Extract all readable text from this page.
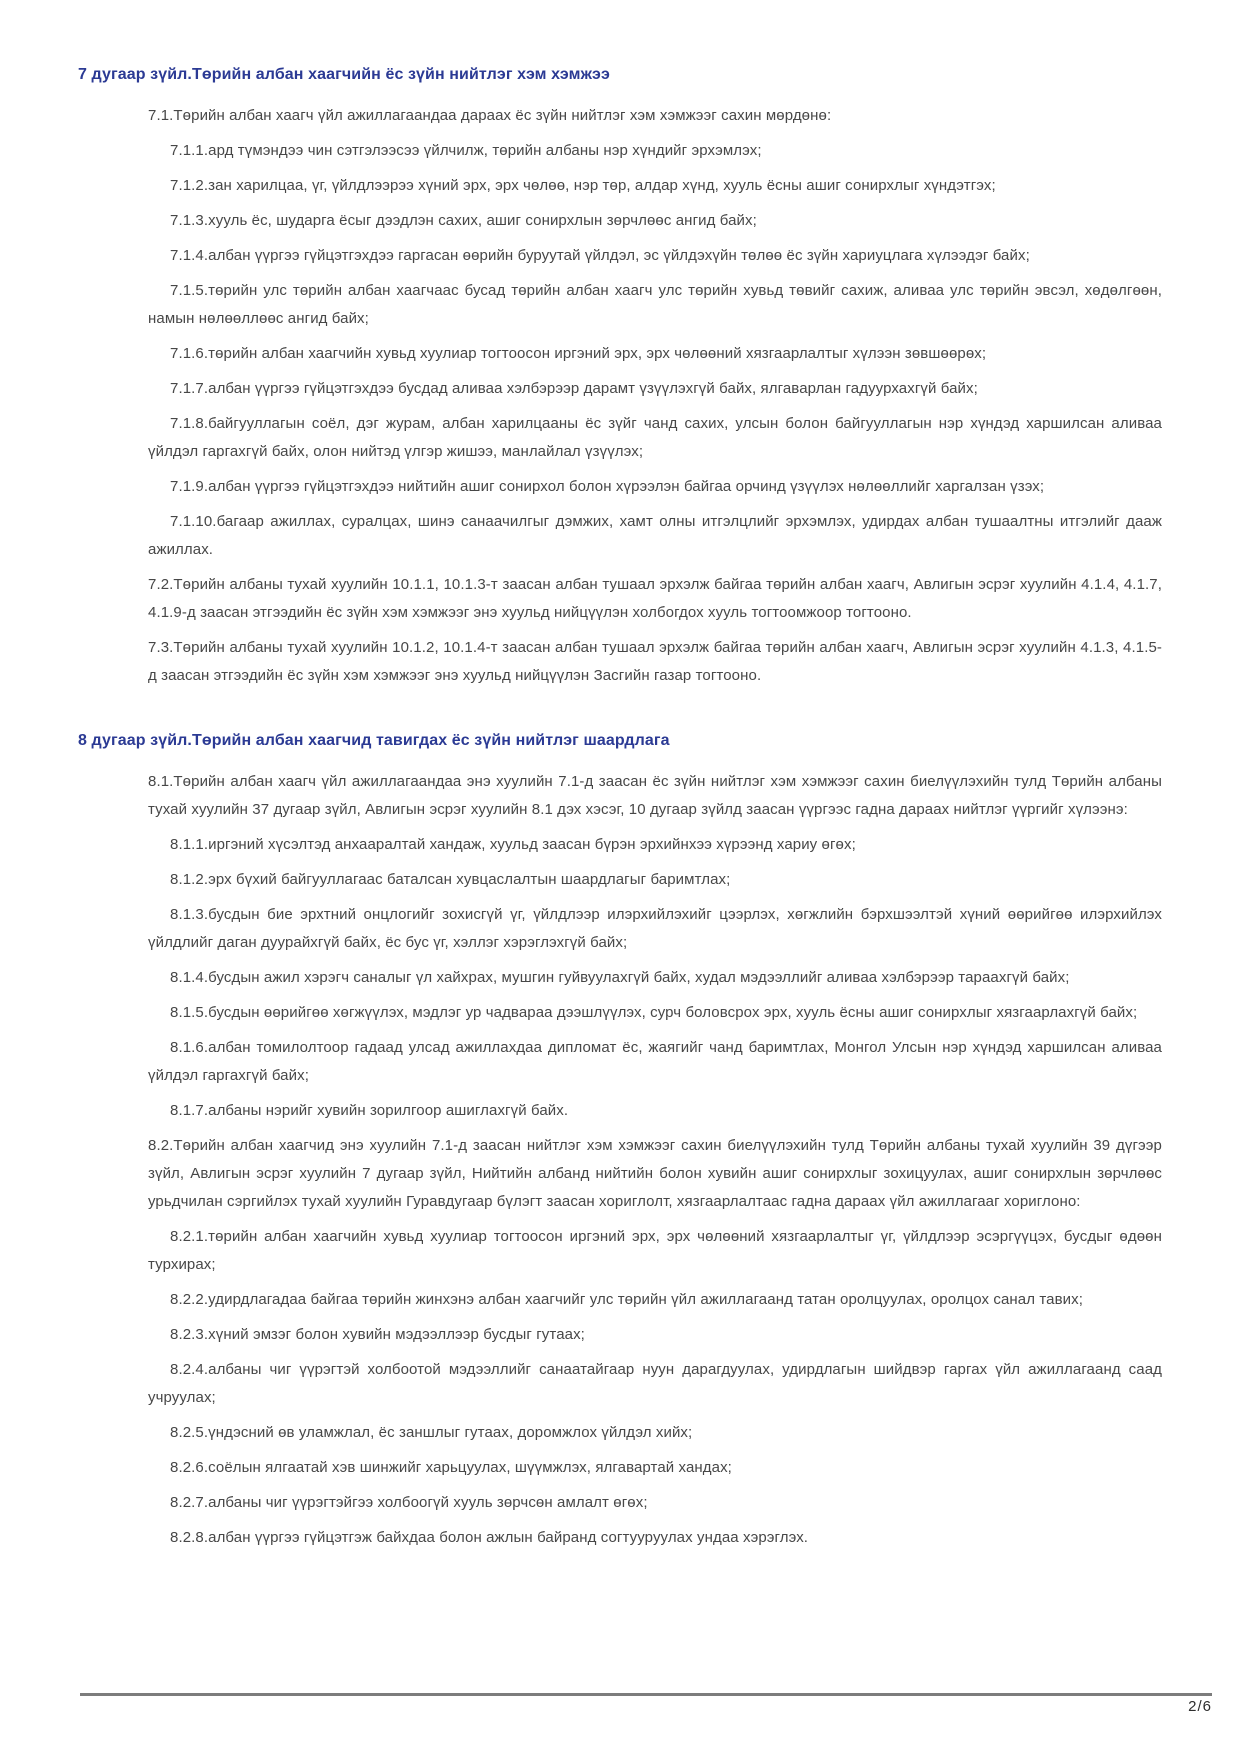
7 дугаар зүйл.Төрийн албан хаагчийн ёс зүйн нийтлэг хэм хэмжээ

7.1.Төрийн албан хаагч үйл ажиллагаандаа дараах ёс зүйн нийтлэг хэм хэмжээг сахин мөрдөнө:

7.1.1.ард түмэндээ чин сэтгэлээсээ үйлчилж, төрийн албаны нэр хүндийг эрхэмлэх;

7.1.2.зан харилцаа, үг, үйлдлээрээ хүний эрх, эрх чөлөө, нэр төр, алдар хүнд, хууль ёсны ашиг сонирхлыг хүндэтгэх;

7.1.3.хууль ёс, шударга ёсыг дээдлэн сахих, ашиг сонирхлын зөрчлөөс ангид байх;

7.1.4.албан үүргээ гүйцэтгэхдээ гаргасан өөрийн буруутай үйлдэл, эс үйлдэхүйн төлөө ёс зүйн хариуцлага хүлээдэг байх;

7.1.5.төрийн улс төрийн албан хаагчаас бусад төрийн албан хаагч улс төрийн хувьд төвийг сахиж, аливаа улс төрийн эвсэл, хөдөлгөөн, намын нөлөөллөөс ангид байх;

7.1.6.төрийн албан хаагчийн хувьд хуулиар тогтоосон иргэний эрх, эрх чөлөөний хязгаарлалтыг хүлээн зөвшөөрөх;

7.1.7.албан үүргээ гүйцэтгэхдээ бусдад аливаа хэлбэрээр дарамт үзүүлэхгүй байх, ялгаварлан гадуурхахгүй байх;

7.1.8.байгууллагын соёл, дэг журам, албан харилцааны ёс зүйг чанд сахих, улсын болон байгууллагын нэр хүндэд харшилсан аливаа үйлдэл гаргахгүй байх, олон нийтэд үлгэр жишээ, манлайлал үзүүлэх;

7.1.9.албан үүргээ гүйцэтгэхдээ нийтийн ашиг сонирхол болон хүрээлэн байгаа орчинд үзүүлэх нөлөөллийг харгалзан үзэх;

7.1.10.багаар ажиллах, суралцах, шинэ санаачилгыг дэмжих, хамт олны итгэлцлийг эрхэмлэх, удирдах албан тушаалтны итгэлийг дааж ажиллах.

7.2.Төрийн албаны тухай хуулийн 10.1.1, 10.1.3-т заасан албан тушаал эрхэлж байгаа төрийн албан хаагч, Авлигын эсрэг хуулийн 4.1.4, 4.1.7, 4.1.9-д заасан этгээдийн ёс зүйн хэм хэмжээг энэ хуульд нийцүүлэн холбогдох хууль тогтоомжоор тогтооно.

7.3.Төрийн албаны тухай хуулийн 10.1.2, 10.1.4-т заасан албан тушаал эрхэлж байгаа төрийн албан хаагч, Авлигын эсрэг хуулийн 4.1.3, 4.1.5-д заасан этгээдийн ёс зүйн хэм хэмжээг энэ хуульд нийцүүлэн Засгийн газар тогтооно.

8 дугаар зүйл.Төрийн албан хаагчид тавигдах ёс зүйн нийтлэг шаардлага

8.1.Төрийн албан хаагч үйл ажиллагаандаа энэ хуулийн 7.1-д заасан ёс зүйн нийтлэг хэм хэмжээг сахин биелүүлэхийн тулд Төрийн албаны тухай хуулийн 37 дугаар зүйл, Авлигын эсрэг хуулийн 8.1 дэх хэсэг, 10 дугаар зүйлд заасан үүргээс гадна дараах нийтлэг үүргийг хүлээнэ:

8.1.1.иргэний хүсэлтэд анхааралтай хандаж, хуульд заасан бүрэн эрхийнхээ хүрээнд хариу өгөх;

8.1.2.эрх бүхий байгууллагаас баталсан хувцаслалтын шаардлагыг баримтлах;

8.1.3.бусдын бие эрхтний онцлогийг зохисгүй үг, үйлдлээр илэрхийлэхийг цээрлэх, хөгжлийн бэрхшээлтэй хүний өөрийгөө илэрхийлэх үйлдлийг даган дуурайхгүй байх, ёс бус үг, хэллэг хэрэглэхгүй байх;

8.1.4.бусдын ажил хэрэгч саналыг үл хайхрах, мушгин гуйвуулахгүй байх, худал мэдээллийг аливаа хэлбэрээр тараахгүй байх;

8.1.5.бусдын өөрийгөө хөгжүүлэх, мэдлэг ур чадвараа дээшлүүлэх, сурч боловсрох эрх, хууль ёсны ашиг сонирхлыг хязгаарлахгүй байх;

8.1.6.албан томилолтоор гадаад улсад ажиллахдаа дипломат ёс, жаягийг чанд баримтлах, Монгол Улсын нэр хүндэд харшилсан аливаа үйлдэл гаргахгүй байх;

8.1.7.албаны нэрийг хувийн зорилгоор ашиглахгүй байх.

8.2.Төрийн албан хаагчид энэ хуулийн 7.1-д заасан нийтлэг хэм хэмжээг сахин биелүүлэхийн тулд Төрийн албаны тухай хуулийн 39 дүгээр зүйл, Авлигын эсрэг хуулийн 7 дугаар зүйл, Нийтийн албанд нийтийн болон хувийн ашиг сонирхлыг зохицуулах, ашиг сонирхлын зөрчлөөс урьдчилан сэргийлэх тухай хуулийн Гуравдугаар бүлэгт заасан хориглолт, хязгаарлалтаас гадна дараах үйл ажиллагааг хориглоно:

8.2.1.төрийн албан хаагчийн хувьд хуулиар тогтоосон иргэний эрх, эрх чөлөөний хязгаарлалтыг үг, үйлдлээр эсэргүүцэх, бусдыг өдөөн турхирах;

8.2.2.удирдлагадаа байгаа төрийн жинхэнэ албан хаагчийг улс төрийн үйл ажиллагаанд татан оролцуулах, оролцох санал тавих;

8.2.3.хүний эмзэг болон хувийн мэдээллээр бусдыг гутаах;

8.2.4.албаны чиг үүрэгтэй холбоотой мэдээллийг санаатайгаар нуун дарагдуулах, удирдлагын шийдвэр гаргах үйл ажиллагаанд саад учруулах;

8.2.5.үндэсний өв уламжлал, ёс заншлыг гутаах, доромжлох үйлдэл хийх;

8.2.6.соёлын ялгаатай хэв шинжийг харьцуулах, шүүмжлэх, ялгавартай хандах;

8.2.7.албаны чиг үүрэгтэйгээ холбоогүй хууль зөрчсөн амлалт өгөх;

8.2.8.албан үүргээ гүйцэтгэж байхдаа болон ажлын байранд согтууруулах ундаа хэрэглэх.

2/6
